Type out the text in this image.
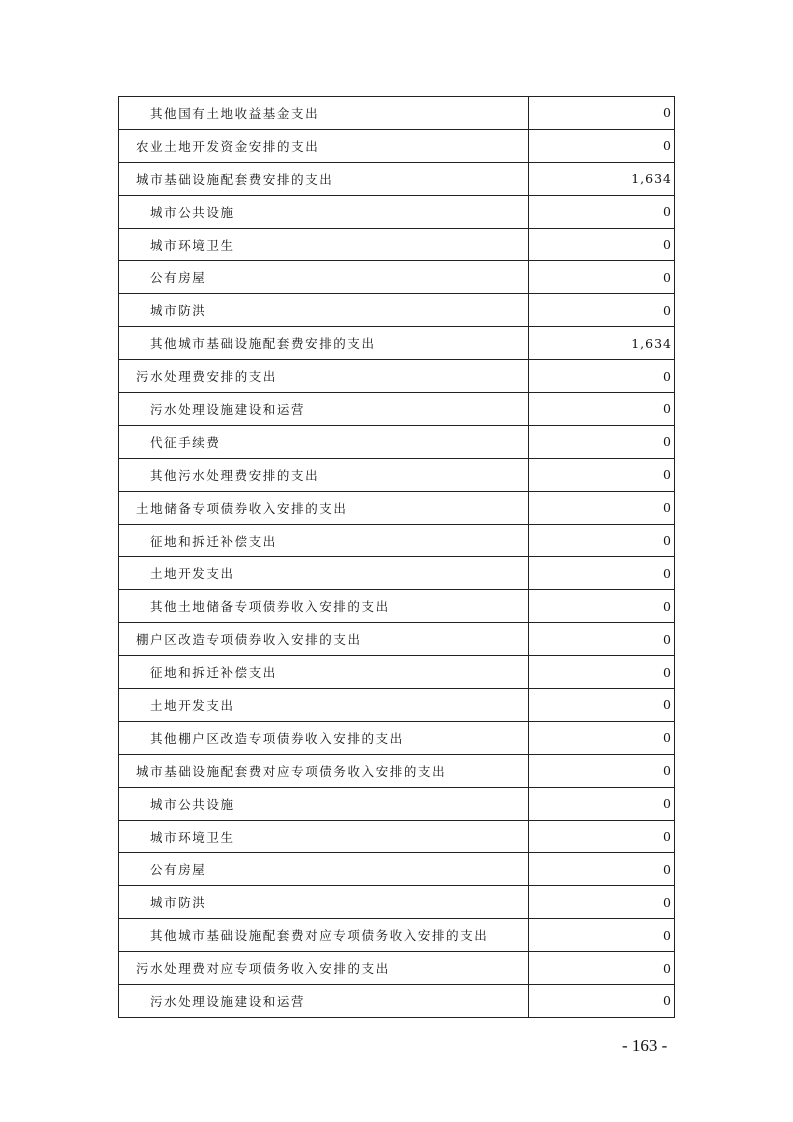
其他国有土地收益基金支出	0
农业土地开发资金安排的支出	0
城市基础设施配套费安排的支出	1,634
城市公共设施	0
城市环境卫生	0
公有房屋	0
城市防洪	0
其他城市基础设施配套费安排的支出	1,634
污水处理费安排的支出	0
污水处理设施建设和运营	0
代征手续费	0
其他污水处理费安排的支出	0
土地储备专项债券收入安排的支出	0
征地和拆迁补偿支出	0
土地开发支出	0
其他土地储备专项债券收入安排的支出	0
棚户区改造专项债券收入安排的支出	0
征地和拆迁补偿支出	0
土地开发支出	0
其他棚户区改造专项债券收入安排的支出	0
城市基础设施配套费对应专项债务收入安排的支出	0
城市公共设施	0
城市环境卫生	0
公有房屋	0
城市防洪	0
其他城市基础设施配套费对应专项债务收入安排的支出	0
污水处理费对应专项债务收入安排的支出	0
污水处理设施建设和运营	0
- 163 -
